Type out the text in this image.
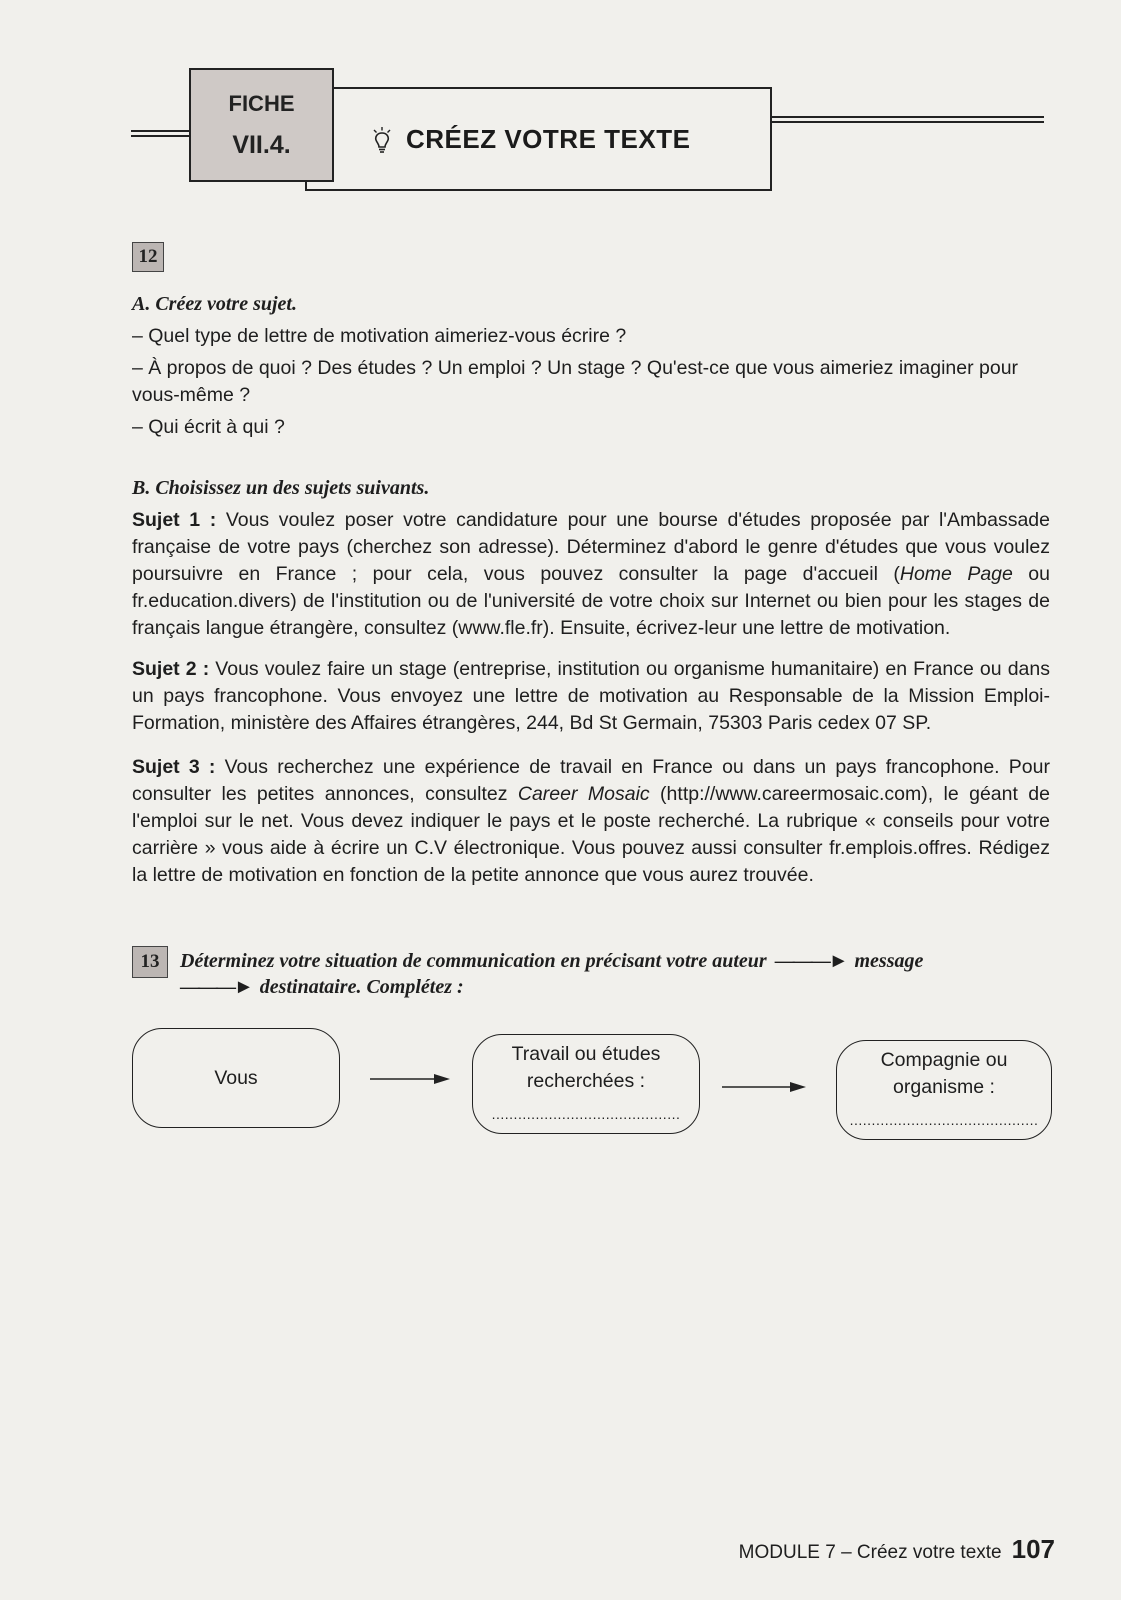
CRÉEZ VOTRE TEXTE
FICHE
VII.4.
12

A. Créez votre sujet.

– Quel type de lettre de motivation aimeriez-vous écrire ?

– À propos de quoi ? Des études ? Un emploi ? Un stage ? Qu'est-ce que vous aimeriez imaginer pour vous-même ?

– Qui écrit à qui ?

B. Choisissez un des sujets suivants.

Sujet 1 : Vous voulez poser votre candidature pour une bourse d'études proposée par l'Ambassade française de votre pays (cherchez son adresse). Déterminez d'abord le genre d'études que vous voulez poursuivre en France ; pour cela, vous pouvez consulter la page d'accueil (Home Page ou fr.education.divers) de l'institution ou de l'université de votre choix sur Internet ou bien pour les stages de français langue étrangère, consultez (www.fle.fr). Ensuite, écrivez-leur une lettre de motivation.

Sujet 2 : Vous voulez faire un stage (entreprise, institution ou organisme humanitaire) en France ou dans un pays francophone. Vous envoyez une lettre de motivation au Responsable de la Mission Emploi-Formation, ministère des Affaires étrangères, 244, Bd St Germain, 75303 Paris cedex 07 SP.

Sujet 3 : Vous recherchez une expérience de travail en France ou dans un pays francophone. Pour consulter les petites annonces, consultez Career Mosaic (http://www.careermosaic.com), le géant de l'emploi sur le net. Vous devez indiquer le pays et le poste recherché. La rubrique « conseils pour votre carrière » vous aide à écrire un C.V électronique. Vous pouvez aussi consulter fr.emplois.offres. Rédigez la lettre de motivation en fonction de la petite annonce que vous aurez trouvée.

13	Déterminez votre situation de communication en précisant votre auteur  ———►  message
———►  destinataire. Complétez :
Vous
Travail ou études
recherchées :
...........................................
Compagnie ou
organisme :
...........................................
MODULE 7 – Créez votre texte 107
